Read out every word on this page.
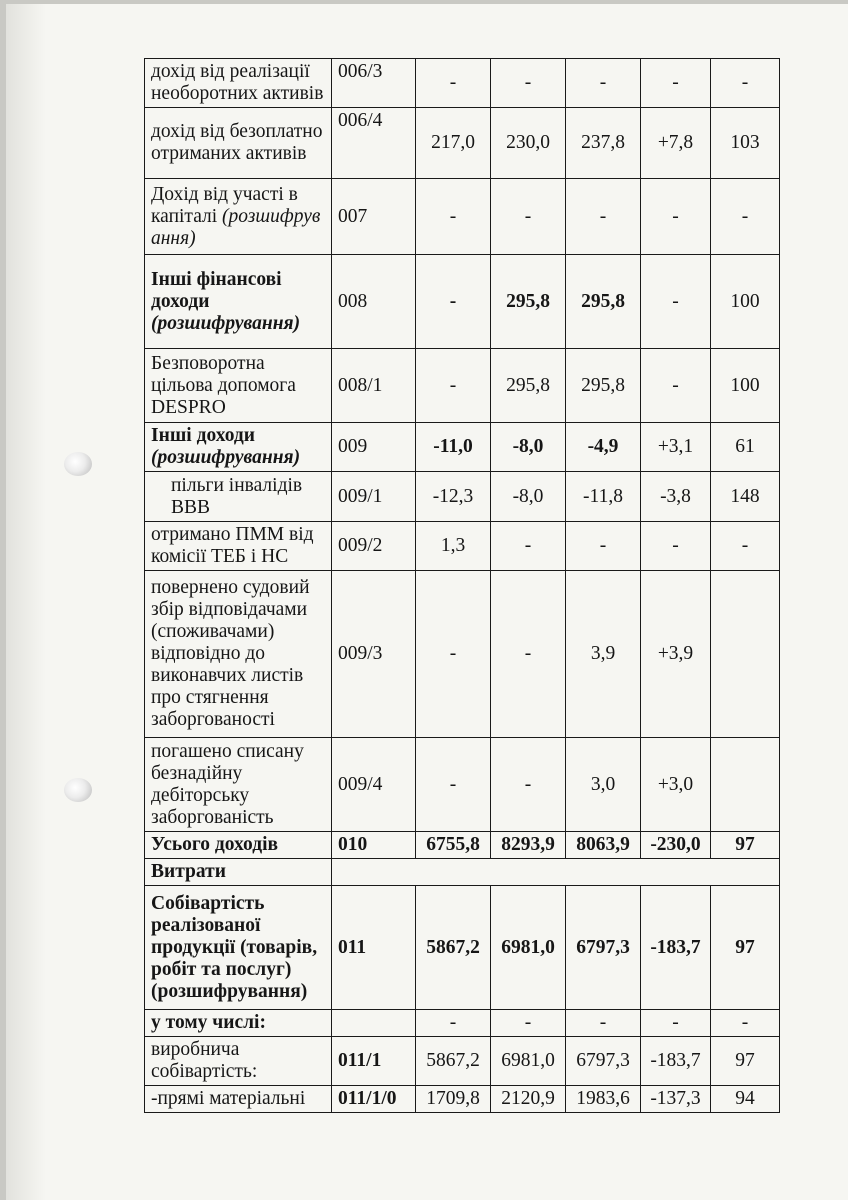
дохід від реалізації необоротних активів	006/3	-	-	-	-	-
дохід від безоплатно отриманих активів	006/4	217,0	230,0	237,8	+7,8	103
Дохід від участі в капіталі (розшифрув ання)	007	-	-	-	-	-
Інші фінансові доходи (розшифрування)	008	-	295,8	295,8	-	100
Безповоротна цільова допомога DESPRO	008/1	-	295,8	295,8	-	100
Інші доходи (розшифрування)	009	-11,0	-8,0	-4,9	+3,1	61
пільги інвалідів ВВВ	009/1	-12,3	-8,0	-11,8	-3,8	148
отримано ПММ від комісії ТЕБ і НС	009/2	1,3	-	-	-	-
повернено судовий збір відповідачами (споживачами) відповідно до виконавчих листів про стягнення заборгованості	009/3	-	-	3,9	+3,9	
погашено списану безнадійну дебіторську заборгованість	009/4	-	-	3,0	+3,0	
Усього доходів	010	6755,8	8293,9	8063,9	-230,0	97
Витрати						
Собівартість реалізованої продукції (товарів, робіт та послуг) (розшифрування)	011	5867,2	6981,0	6797,3	-183,7	97
у тому числі:		-	-	-	-	-
виробнича собівартість:	011/1	5867,2	6981,0	6797,3	-183,7	97
-прямі матеріальні	011/1/0	1709,8	2120,9	1983,6	-137,3	94
